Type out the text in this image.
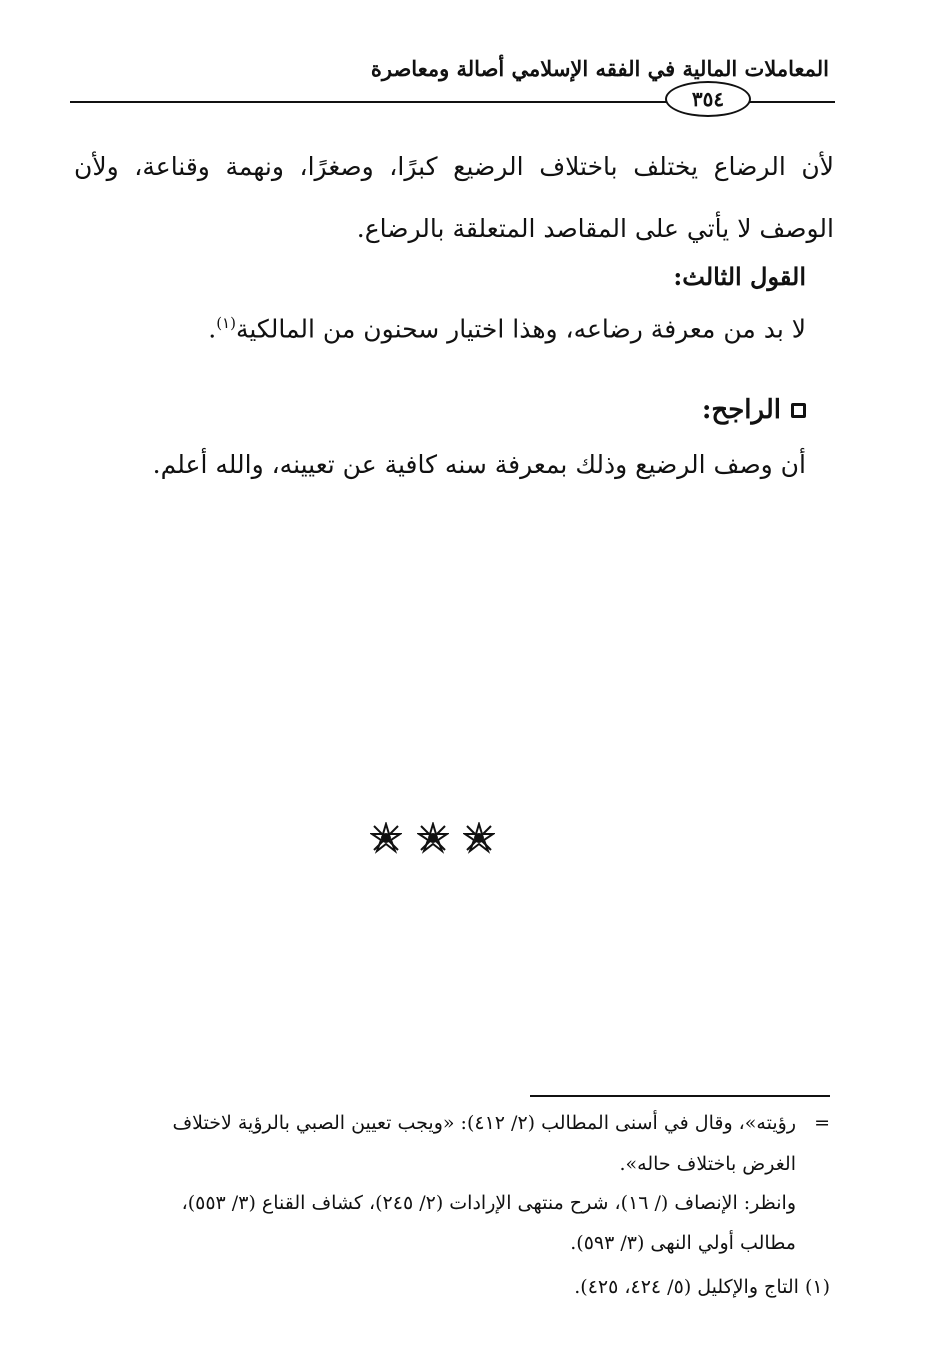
المعاملات المالية في الفقه الإسلامي أصالة ومعاصرة
٣٥٤
لأن الرضاع يختلف باختلاف الرضيع كبرًا، وصغرًا، ونهمة وقناعة، ولأن الوصف لا يأتي على المقاصد المتعلقة بالرضاع.
القول الثالث:
لا بد من معرفة رضاعه، وهذا اختيار سحنون من المالكية$^{(١)}$.
الراجح:
أن وصف الرضيع وذلك بمعرفة سنه كافية عن تعيينه، والله أعلم.
=
رؤيته»، وقال في أسنى المطالب (٢/ ٤١٢): «ويجب تعيين الصبي بالرؤية لاختلاف
الغرض باختلاف حاله».
وانظر: الإنصاف (/ ١٦)، شرح منتهى الإرادات (٢/ ٢٤٥)، كشاف القناع (٣/ ٥٥٣)،
مطالب أولي النهى (٣/ ٥٩٣).
(١) التاج والإكليل (٥/ ٤٢٤، ٤٢٥).
